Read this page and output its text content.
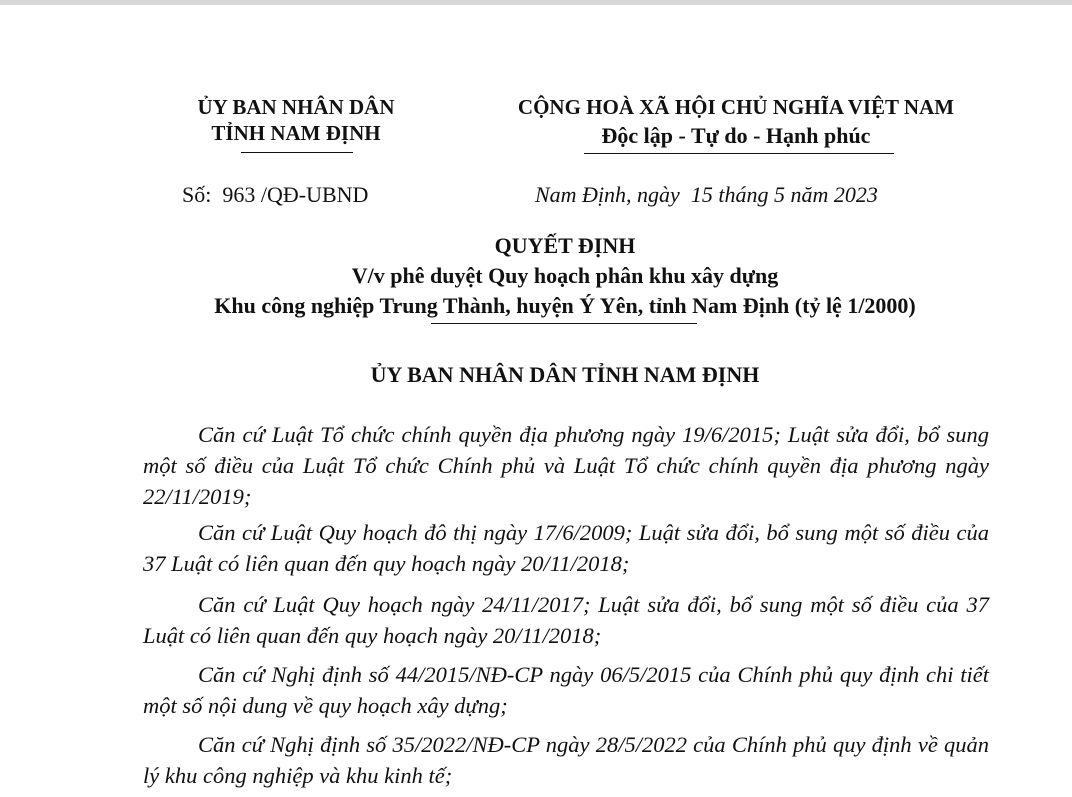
ỦY BAN NHÂN DÂN
TỈNH NAM ĐỊNH
CỘNG HOÀ XÃ HỘI CHỦ NGHĨA VIỆT NAM
Độc lập - Tự do - Hạnh phúc
Số: 963 /QĐ-UBND	Nam Định, ngày 15 tháng 5 năm 2023
QUYẾT ĐỊNH
V/v phê duyệt Quy hoạch phân khu xây dựng
Khu công nghiệp Trung Thành, huyện Ý Yên, tỉnh Nam Định (tỷ lệ 1/2000)
ỦY BAN NHÂN DÂN TỈNH NAM ĐỊNH

Căn cứ Luật Tổ chức chính quyền địa phương ngày 19/6/2015; Luật sửa đổi, bổ sung một số điều của Luật Tổ chức Chính phủ và Luật Tổ chức chính quyền địa phương ngày 22/11/2019;

Căn cứ Luật Quy hoạch đô thị ngày 17/6/2009; Luật sửa đổi, bổ sung một số điều của 37 Luật có liên quan đến quy hoạch ngày 20/11/2018;

Căn cứ Luật Quy hoạch ngày 24/11/2017; Luật sửa đổi, bổ sung một số điều của 37 Luật có liên quan đến quy hoạch ngày 20/11/2018;

Căn cứ Nghị định số 44/2015/NĐ-CP ngày 06/5/2015 của Chính phủ quy định chi tiết một số nội dung về quy hoạch xây dựng;

Căn cứ Nghị định số 35/2022/NĐ-CP ngày 28/5/2022 của Chính phủ quy định về quản lý khu công nghiệp và khu kinh tế;
